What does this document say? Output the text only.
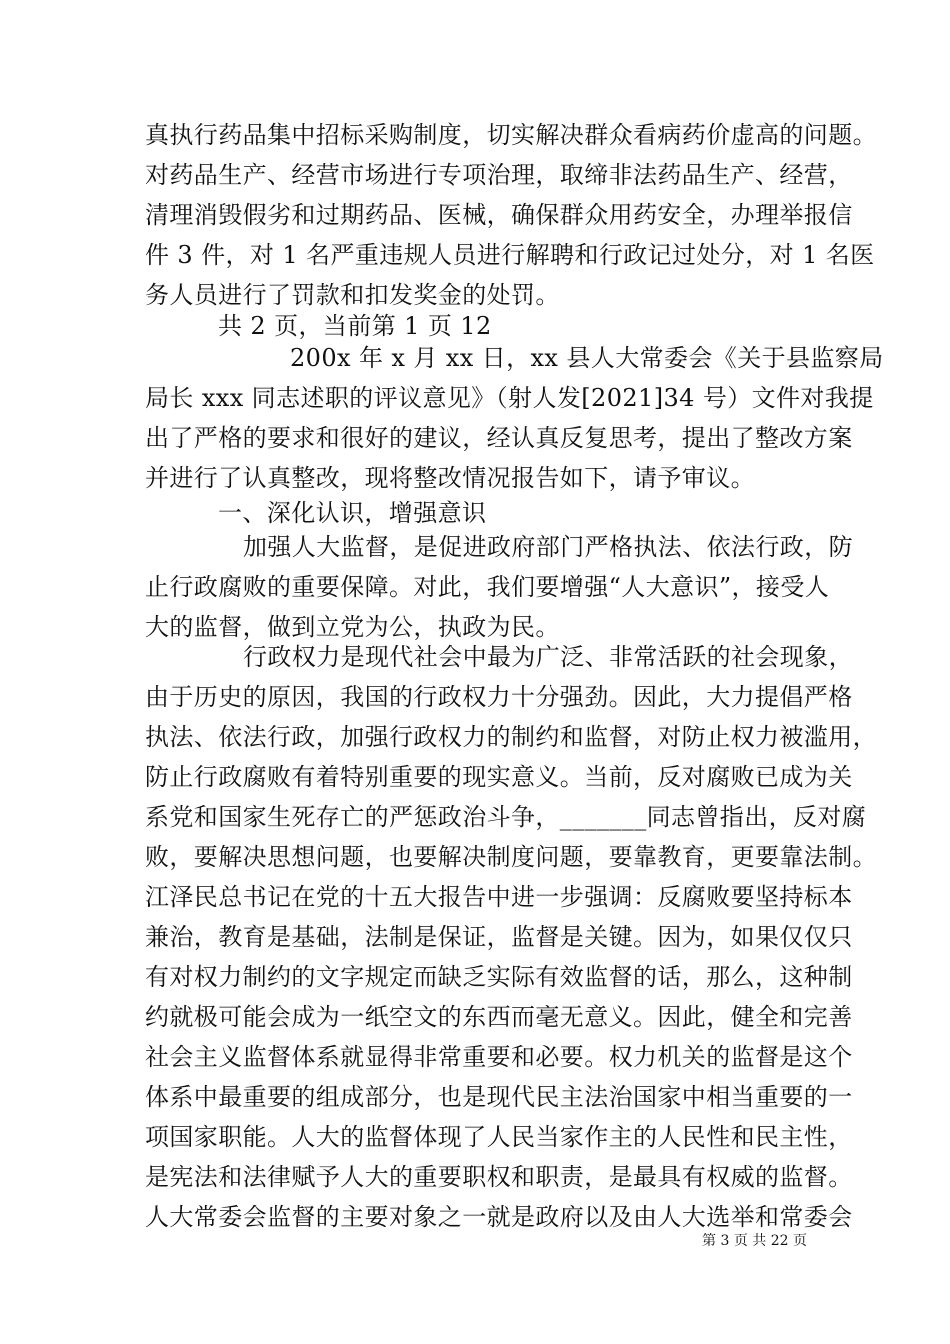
真执行药品集中招标采购制度，切实解决群众看病药价虚高的问题。
对药品生产、经营市场进行专项治理，取缔非法药品生产、经营，
清理消毁假劣和过期药品、医械，确保群众用药安全，办理举报信
件 3 件，对 1 名严重违规人员进行解聘和行政记过处分，对 1 名医
务人员进行了罚款和扣发奖金的处罚。
共 2 页，当前第 1 页 12
200x 年 x 月 xx 日，xx 县人大常委会《关于县监察局
局长 xxx 同志述职的评议意见》（射人发[2021]34 号）文件对我提
出了严格的要求和很好的建议，经认真反复思考，提出了整改方案
并进行了认真整改，现将整改情况报告如下，请予审议。
一、深化认识，增强意识
加强人大监督，是促进政府部门严格执法、依法行政，防
止行政腐败的重要保障。对此，我们要增强“人大意识”，接受人
大的监督，做到立党为公，执政为民。
行政权力是现代社会中最为广泛、非常活跃的社会现象，
由于历史的原因，我国的行政权力十分强劲。因此，大力提倡严格
执法、依法行政，加强行政权力的制约和监督，对防止权力被滥用，
防止行政腐败有着特别重要的现实意义。当前，反对腐败已成为关
系党和国家生死存亡的严惩政治斗争，_______同志曾指出，反对腐
败，要解决思想问题，也要解决制度问题，要靠教育，更要靠法制。
江泽民总书记在党的十五大报告中进一步强调：反腐败要坚持标本
兼治，教育是基础，法制是保证，监督是关键。因为，如果仅仅只
有对权力制约的文字规定而缺乏实际有效监督的话，那么，这种制
约就极可能会成为一纸空文的东西而毫无意义。因此，健全和完善
社会主义监督体系就显得非常重要和必要。权力机关的监督是这个
体系中最重要的组成部分，也是现代民主法治国家中相当重要的一
项国家职能。人大的监督体现了人民当家作主的人民性和民主性，
是宪法和法律赋予人大的重要职权和职责，是最具有权威的监督。
人大常委会监督的主要对象之一就是政府以及由人大选举和常委会
第 3 页 共 22 页
